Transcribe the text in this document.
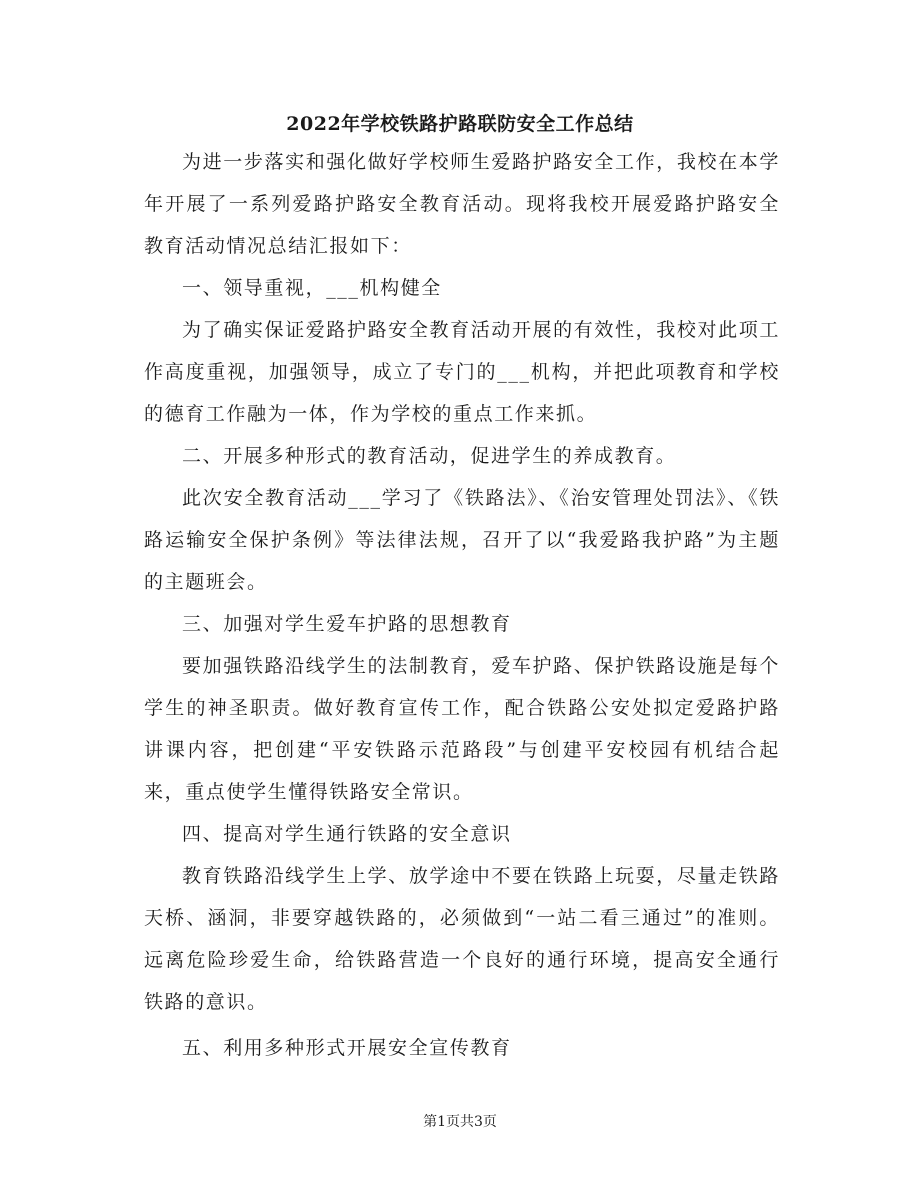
2022年学校铁路护路联防安全工作总结

为进一步落实和强化做好学校师生爱路护路安全工作，我校在本学年开展了一系列爱路护路安全教育活动。现将我校开展爱路护路安全教育活动情况总结汇报如下：

一、领导重视，___机构健全

为了确实保证爱路护路安全教育活动开展的有效性，我校对此项工作高度重视，加强领导，成立了专门的___机构，并把此项教育和学校的德育工作融为一体，作为学校的重点工作来抓。

二、开展多种形式的教育活动，促进学生的养成教育。

此次安全教育活动___学习了《铁路法》、《治安管理处罚法》、《铁路运输安全保护条例》等法律法规，召开了以“我爱路我护路”为主题的主题班会。

三、加强对学生爱车护路的思想教育

要加强铁路沿线学生的法制教育，爱车护路、保护铁路设施是每个学生的神圣职责。做好教育宣传工作，配合铁路公安处拟定爱路护路讲课内容，把创建“平安铁路示范路段”与创建平安校园有机结合起来，重点使学生懂得铁路安全常识。

四、提高对学生通行铁路的安全意识

教育铁路沿线学生上学、放学途中不要在铁路上玩耍，尽量走铁路天桥、涵洞，非要穿越铁路的，必须做到“一站二看三通过”的准则。远离危险珍爱生命，给铁路营造一个良好的通行环境，提高安全通行铁路的意识。

五、利用多种形式开展安全宣传教育

第1页共3页
